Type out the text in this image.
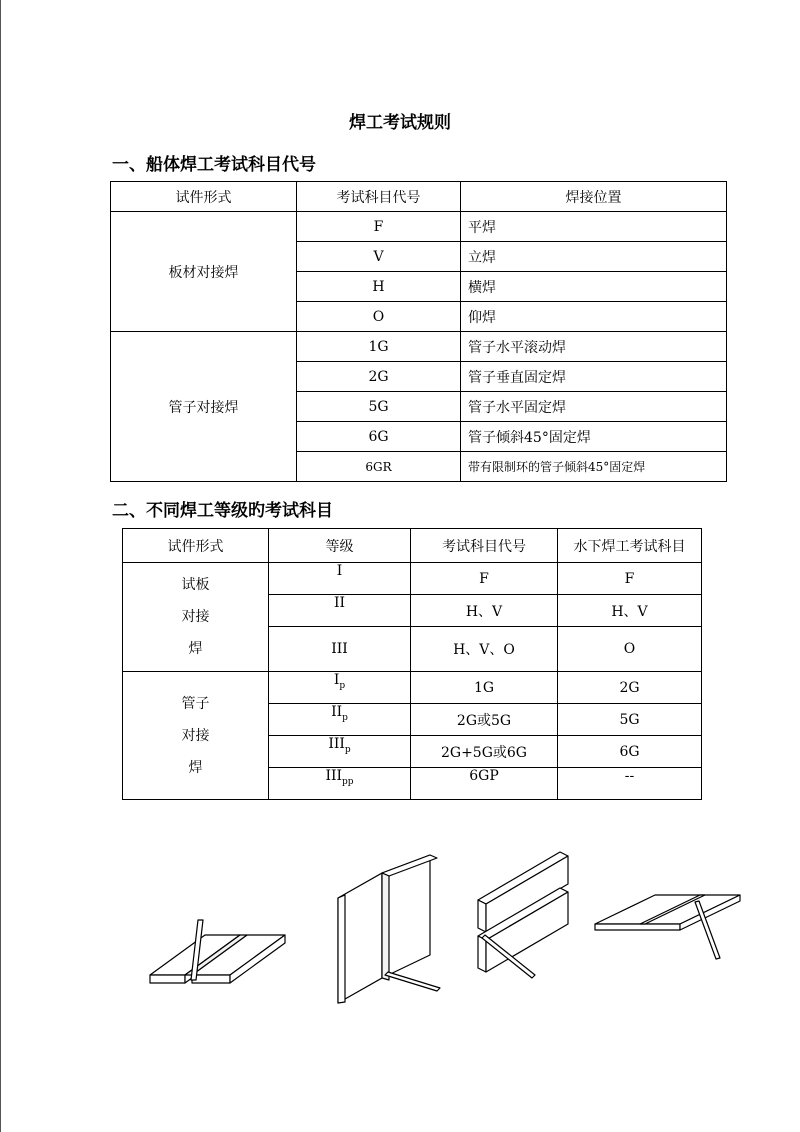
焊工考试规则
一、船体焊工考试科目代号
试件形式	考试科目代号	焊接位置
板材对接焊	F	平焊
	V	立焊
	H	横焊
	O	仰焊
管子对接焊	1G	管子水平滚动焊
	2G	管子垂直固定焊
	5G	管子水平固定焊
	6G	管子倾斜45°固定焊
	6GR	带有限制环的管子倾斜45°固定焊
二、不同焊工等级旳考试科目
试件形式	等级	考试科目代号	水下焊工考试科目

试板
对接
焊	I	F	F
	II	H、V	H、V
	III	H、V、O	O

管子
对接
焊	$I_p$	1G	2G
	$II_p$	2G或5G	5G
	$III_p$	2G+5G或6G	6G
	$III_{pp}$	6GP	--
